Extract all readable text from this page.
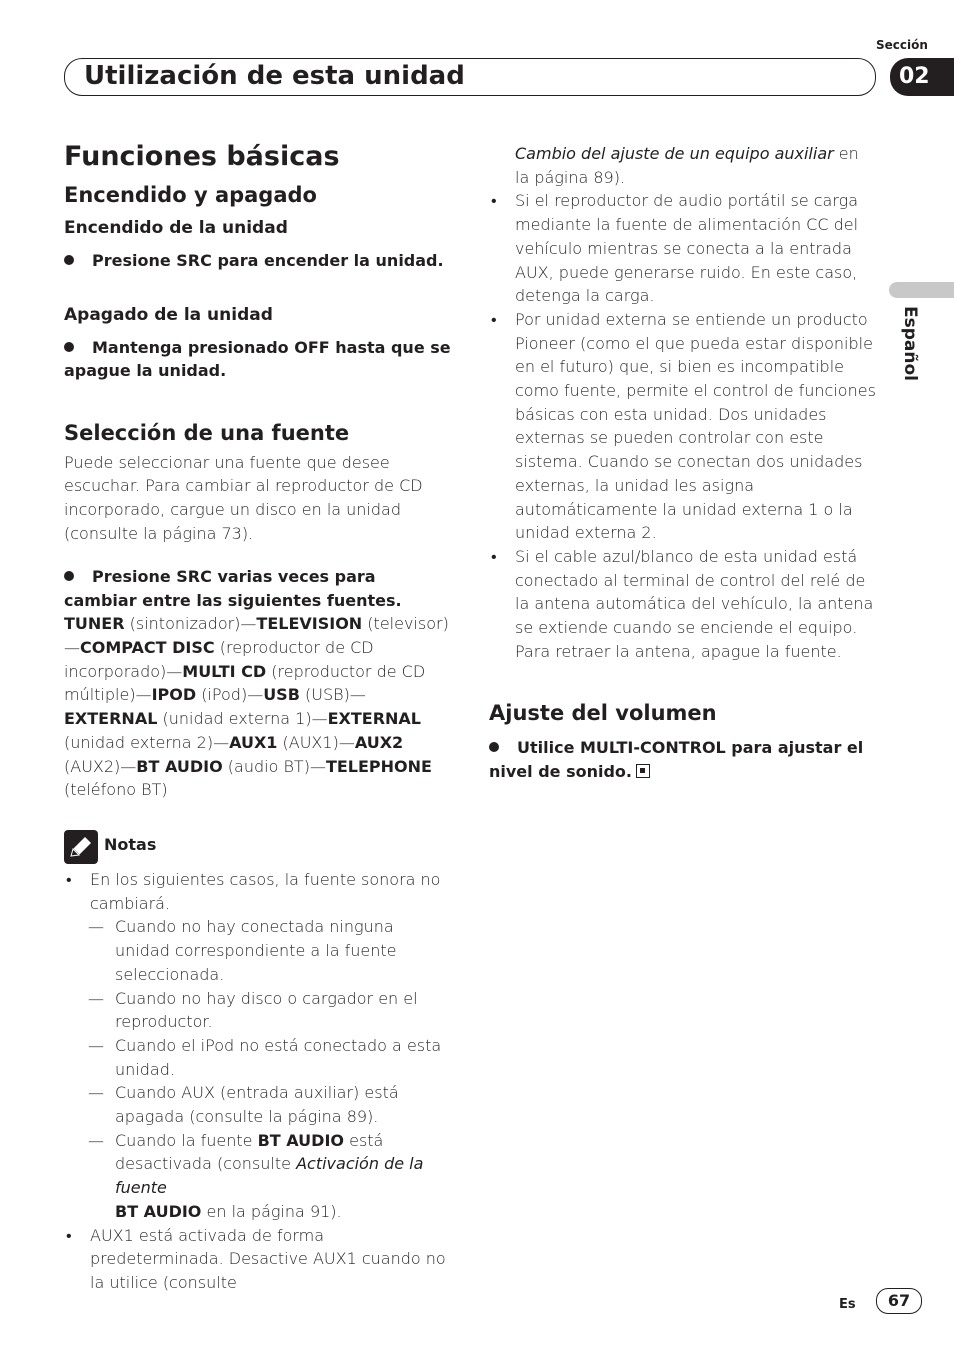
Sección
Utilización de esta unidad	02
Español
Funciones básicas
Encendido y apagado
Encendido de la unidad
Presione SRC para encender la unidad.
Apagado de la unidad
Mantenga presionado OFF hasta que se apague la unidad.
Selección de una fuente
Puede seleccionar una fuente que desee escuchar. Para cambiar al reproductor de CD incorporado, cargue un disco en la unidad (consulte la página 73).
Presione SRC varias veces para cambiar entre las siguientes fuentes.
TUNER (sintonizador)—TELEVISION (televisor)—COMPACT DISC (reproductor de CD incorporado)—MULTI CD (reproductor de CD múltiple)—IPOD (iPod)—USB (USB)—EXTERNAL (unidad externa 1)—EXTERNAL (unidad externa 2)—AUX1 (AUX1)—AUX2 (AUX2)—BT AUDIO (audio BT)—TELEPHONE (teléfono BT)
Notas
• En los siguientes casos, la fuente sonora no cambiará.
— Cuando no hay conectada ninguna unidad correspondiente a la fuente seleccionada.
— Cuando no hay disco o cargador en el reproductor.
— Cuando el iPod no está conectado a esta unidad.
— Cuando AUX (entrada auxiliar) está apagada (consulte la página 89).
— Cuando la fuente BT AUDIO está desactivada (consulte Activación de la fuente
BT AUDIO en la página 91).
• AUX1 está activada de forma predeterminada. Desactive AUX1 cuando no la utilice (consulte
Cambio del ajuste de un equipo auxiliar en la página 89).
• Si el reproductor de audio portátil se carga mediante la fuente de alimentación CC del vehículo mientras se conecta a la entrada AUX, puede generarse ruido. En este caso, detenga la carga.
• Por unidad externa se entiende un producto Pioneer (como el que pueda estar disponible en el futuro) que, si bien es incompatible como fuente, permite el control de funciones básicas con esta unidad. Dos unidades externas se pueden controlar con este sistema. Cuando se conectan dos unidades externas, la unidad les asigna automáticamente la unidad externa 1 o la unidad externa 2.
• Si el cable azul/blanco de esta unidad está conectado al terminal de control del relé de la antena automática del vehículo, la antena se extiende cuando se enciende el equipo. Para retraer la antena, apague la fuente.
Ajuste del volumen
Utilice MULTI-CONTROL para ajustar el nivel de sonido.
Es	67
